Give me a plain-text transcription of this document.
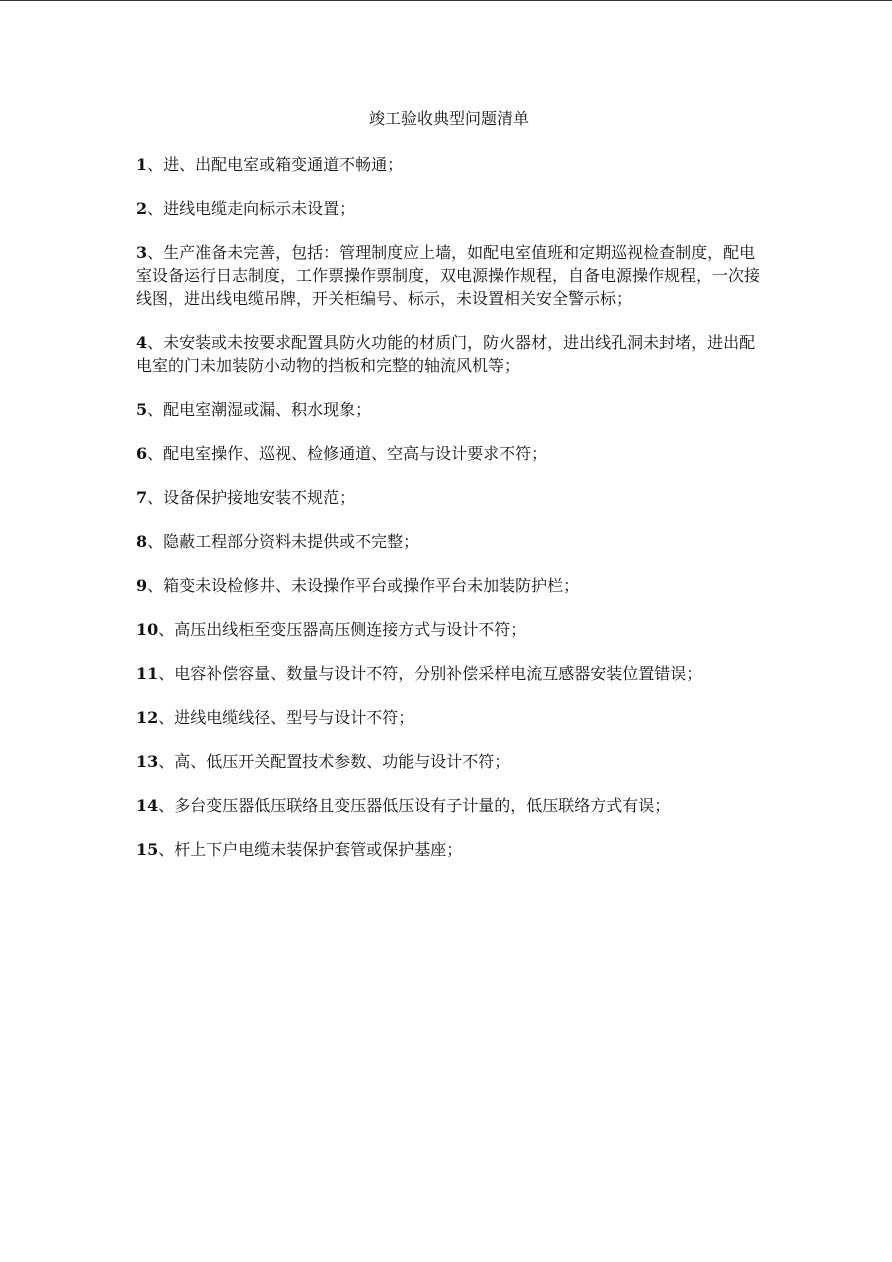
竣工验收典型问题清单
1、进、出配电室或箱变通道不畅通；
2、进线电缆走向标示未设置；
3、生产准备未完善，包括：管理制度应上墙，如配电室值班和定期巡视检查制度，配电室设备运行日志制度，工作票操作票制度，双电源操作规程，自备电源操作规程，一次接线图，进出线电缆吊牌，开关柜编号、标示，未设置相关安全警示标；
4、未安装或未按要求配置具防火功能的材质门，防火器材，进出线孔洞未封堵，进出配电室的门未加装防小动物的挡板和完整的轴流风机等；
5、配电室潮湿或漏、积水现象；
6、配电室操作、巡视、检修通道、空高与设计要求不符；
7、设备保护接地安装不规范；
8、隐蔽工程部分资料未提供或不完整；
9、箱变未设检修井、未设操作平台或操作平台未加装防护栏；
10、高压出线柜至变压器高压侧连接方式与设计不符；
11、电容补偿容量、数量与设计不符，分别补偿采样电流互感器安装位置错误；
12、进线电缆线径、型号与设计不符；
13、高、低压开关配置技术参数、功能与设计不符；
14、多台变压器低压联络且变压器低压设有子计量的，低压联络方式有误；
15、杆上下户电缆未装保护套管或保护基座；
